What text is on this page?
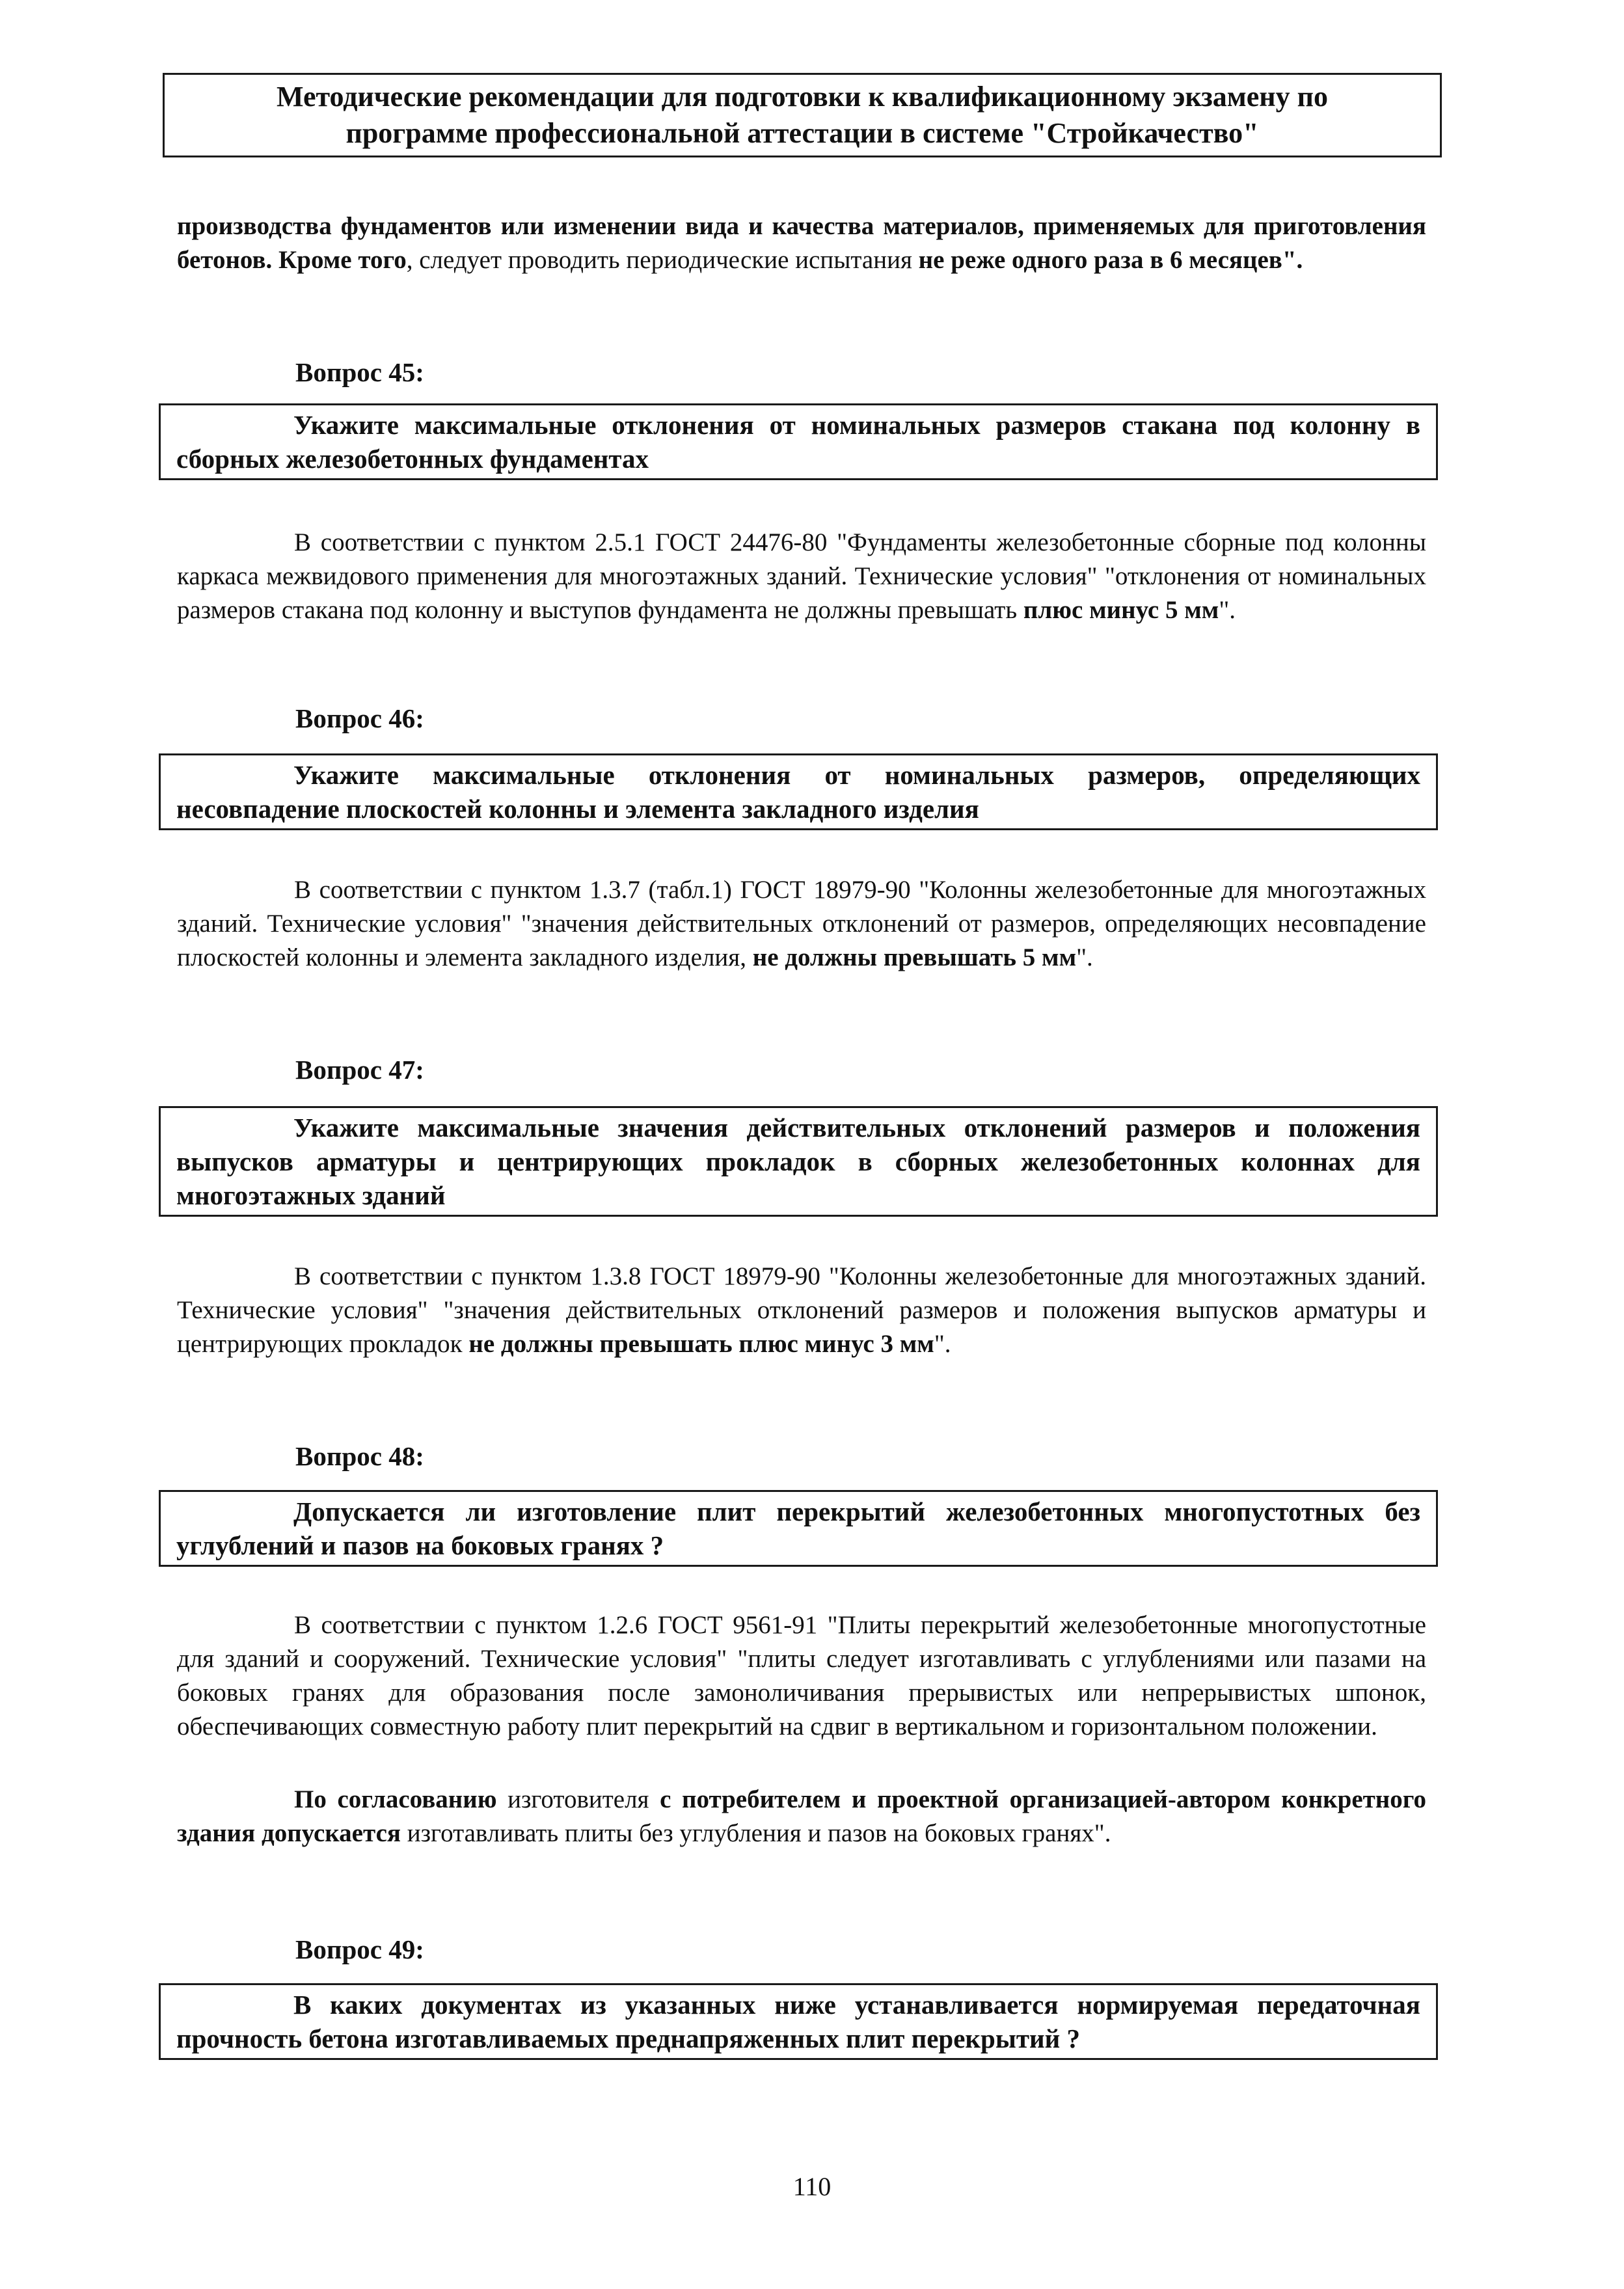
Методические рекомендации для подготовки к квалификационному экзамену по
программе профессиональной аттестации в системе "Стройкачество"

производства фундаментов или изменении вида и качества материалов, применяемых для приготовления бетонов. Кроме того, следует проводить периодические испытания не реже одного раза в 6 месяцев".

Вопрос 45:
Укажите максимальные отклонения от номинальных размеров стакана под колонну в сборных железобетонных фундаментах

В соответствии с пунктом 2.5.1 ГОСТ 24476-80 "Фундаменты железобетонные сборные под колонны каркаса межвидового применения для многоэтажных зданий. Технические условия" "отклонения от номинальных размеров стакана под колонну и выступов фундамента не должны превышать плюс минус 5 мм".

Вопрос 46:
Укажите максимальные отклонения от номинальных размеров, определяющих несовпадение плоскостей колонны и элемента закладного изделия

В соответствии с пунктом 1.3.7 (табл.1) ГОСТ 18979-90 "Колонны железобетонные для многоэтажных зданий. Технические условия" "значения действительных отклонений от размеров, определяющих несовпадение плоскостей колонны и элемента закладного изделия, не должны превышать 5 мм".

Вопрос 47:
Укажите максимальные значения действительных отклонений размеров и положения выпусков арматуры и центрирующих прокладок в сборных железобетонных колоннах для многоэтажных зданий

В соответствии с пунктом 1.3.8 ГОСТ 18979-90 "Колонны железобетонные для многоэтажных зданий. Технические условия" "значения действительных отклонений размеров и положения выпусков арматуры и центрирующих прокладок не должны превышать плюс минус 3 мм".

Вопрос 48:
Допускается ли изготовление плит перекрытий железобетонных многопустотных без углублений и пазов на боковых гранях ?

В соответствии с пунктом 1.2.6 ГОСТ 9561-91 "Плиты перекрытий железобетонные многопустотные для зданий и сооружений. Технические условия" "плиты следует изготавливать с углублениями или пазами на боковых гранях для образования после замоноличивания прерывистых или непрерывистых шпонок, обеспечивающих совместную работу плит перекрытий на сдвиг в вертикальном и горизонтальном положении.

По согласованию изготовителя с потребителем и проектной организацией-автором конкретного здания допускается изготавливать плиты без углубления и пазов на боковых гранях".

Вопрос 49:
В каких документах из указанных ниже устанавливается нормируемая передаточная прочность бетона изготавливаемых преднапряженных плит перекрытий ?
110
